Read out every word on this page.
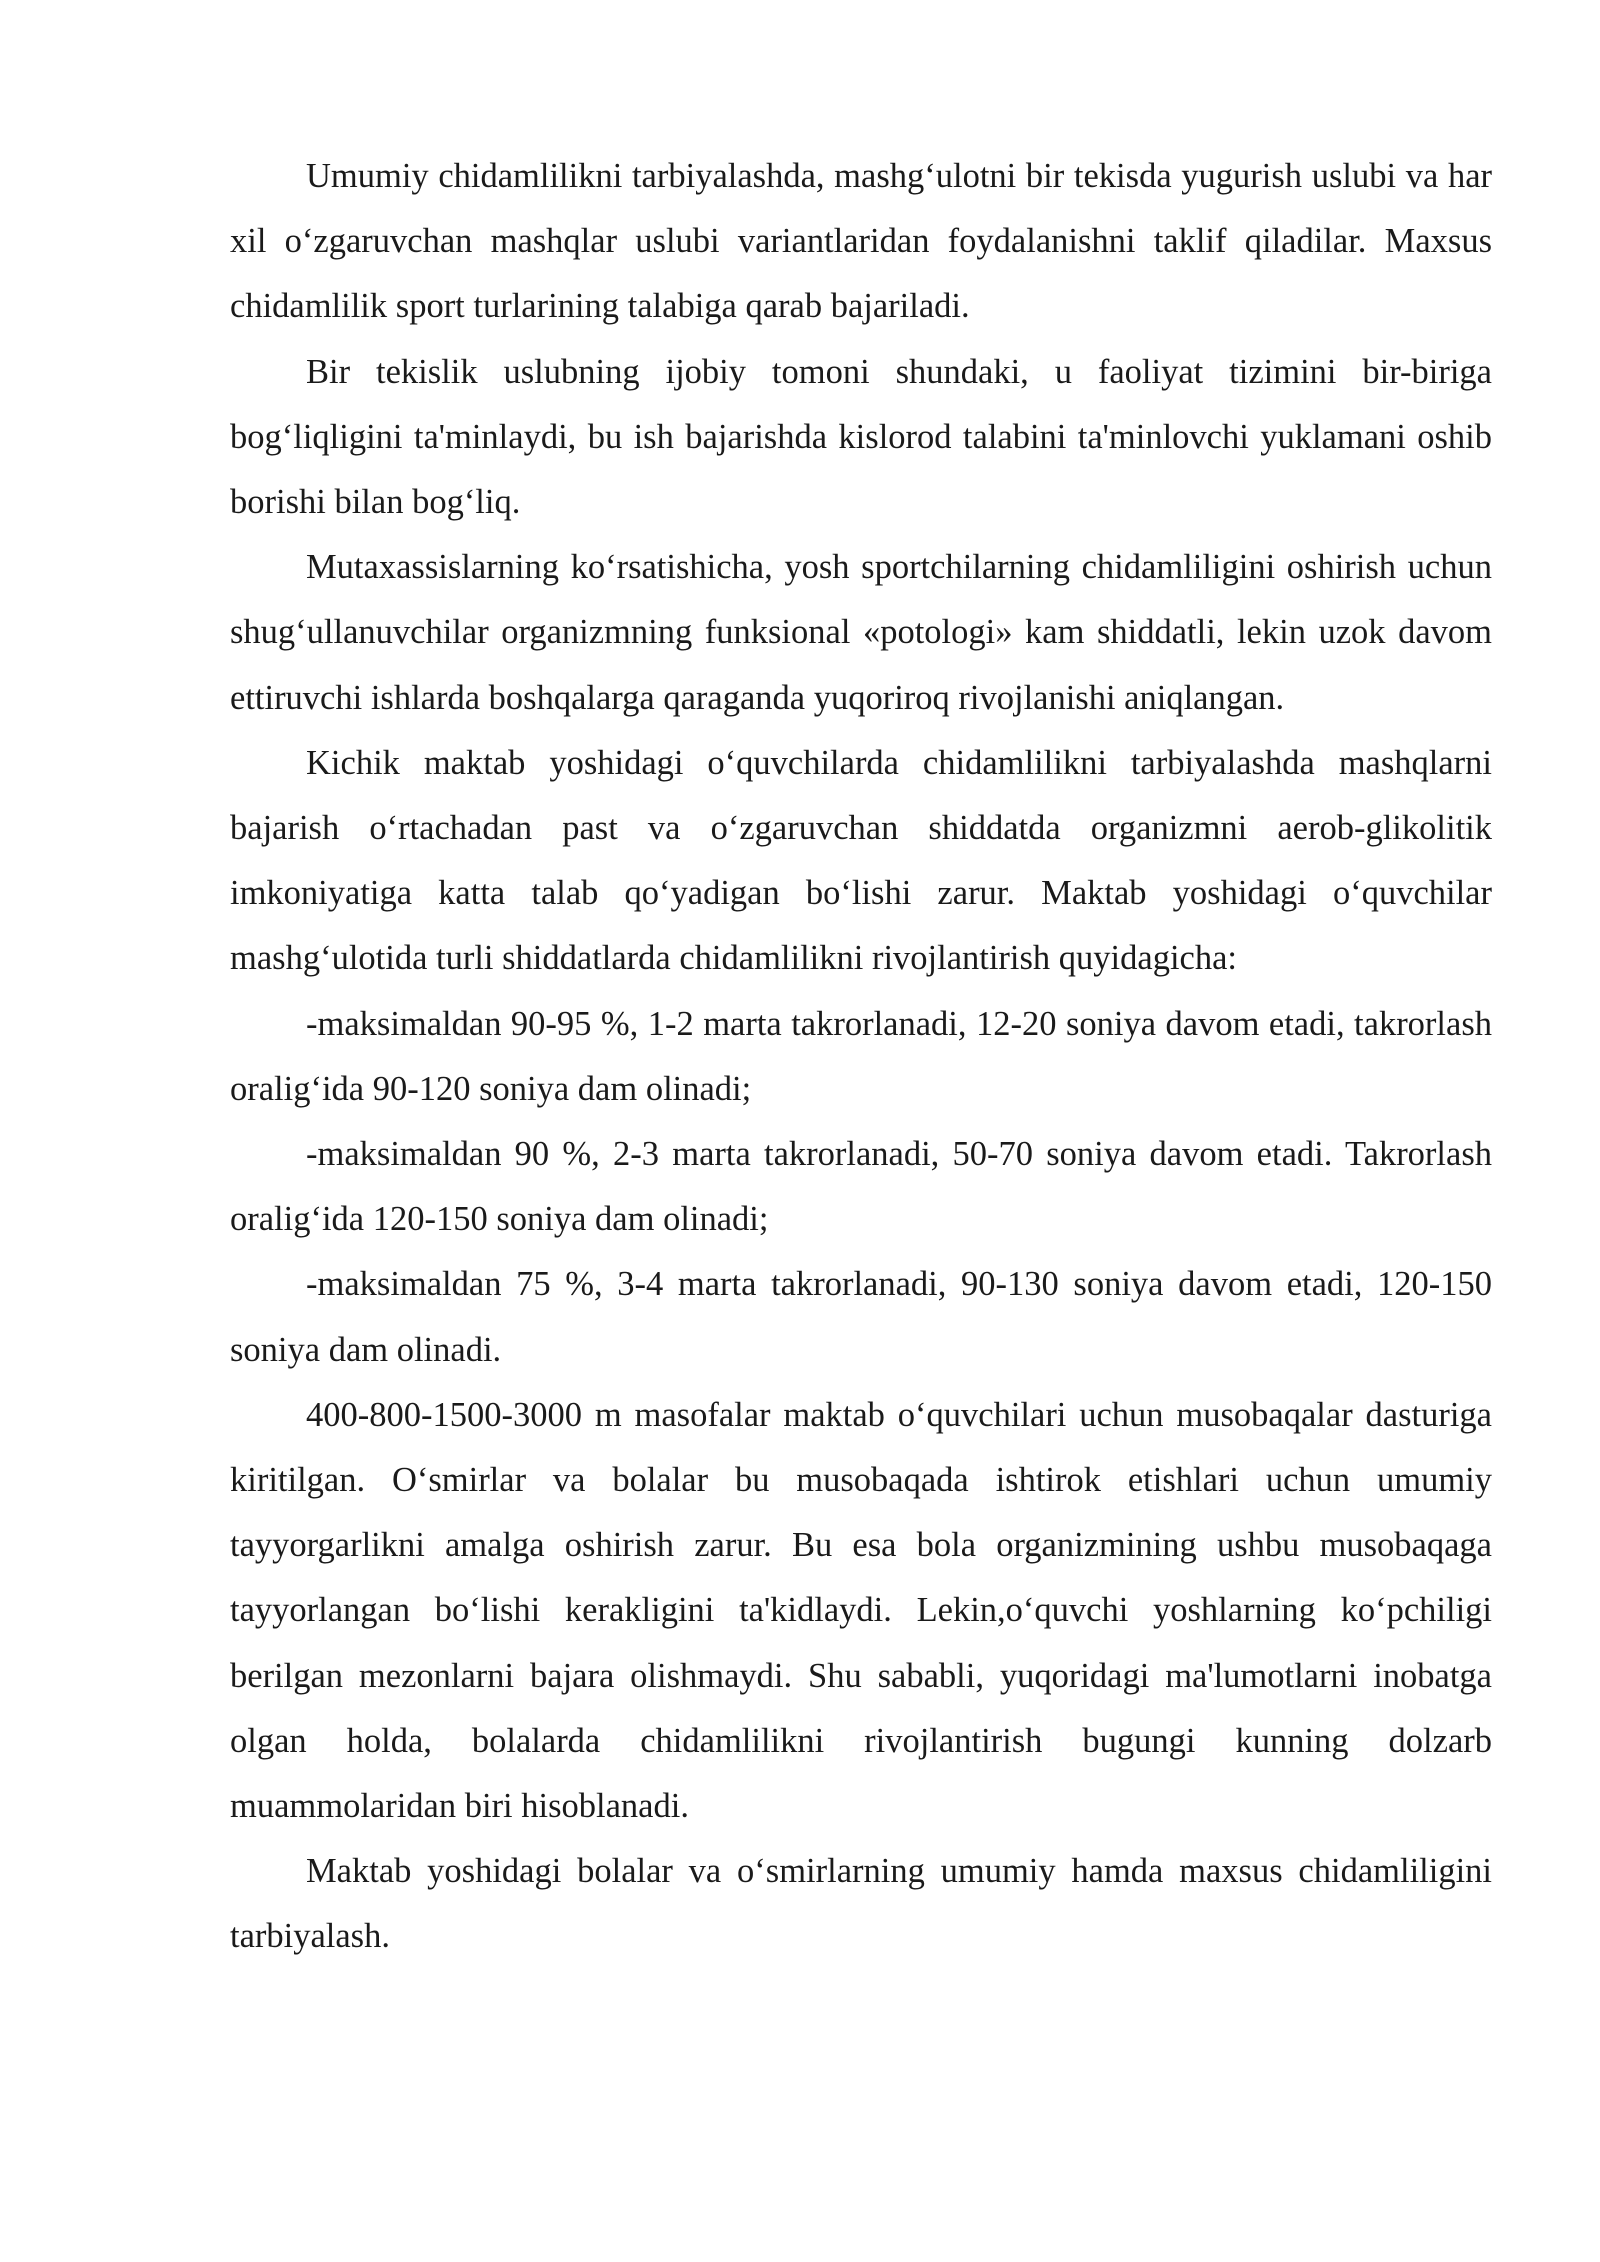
Umumiy chidamlilikni tarbiyalashda, mashg‘ulotni bir tekisda yugurish uslubi va har xil o‘zgaruvchan mashqlar uslubi variantlaridan foydalanishni taklif qiladilar. Maxsus chidamlilik sport turlarining talabiga qarab bajariladi.

Bir tekislik uslubning ijobiy tomoni shundaki, u faoliyat tizimini bir-biriga bog‘liqligini ta'minlaydi, bu ish bajarishda kislorod talabini ta'minlovchi yuklamani oshib borishi bilan bog‘liq.

Mutaxassislarning ko‘rsatishicha, yosh sportchilarning chidamliligini oshirish uchun shug‘ullanuvchilar organizmning funksional «potologi» kam shiddatli, lekin uzok davom ettiruvchi ishlarda boshqalarga qaraganda yuqoriroq rivojlanishi aniqlangan.

Kichik maktab yoshidagi o‘quvchilarda chidamlilikni tarbiyalashda mashqlarni bajarish o‘rtachadan past va o‘zgaruvchan shiddatda organizmni aerob-glikolitik imkoniyatiga katta talab qo‘yadigan bo‘lishi zarur. Maktab yoshidagi o‘quvchilar mashg‘ulotida turli shiddatlarda chidamlilikni rivojlantirish quyidagicha:

-maksimaldan 90-95 %, 1-2 marta takrorlanadi, 12-20 soniya davom etadi, takrorlash oralig‘ida 90-120 soniya dam olinadi;

-maksimaldan 90 %, 2-3 marta takrorlanadi, 50-70 soniya davom etadi. Takrorlash oralig‘ida 120-150 soniya dam olinadi;

-maksimaldan 75 %, 3-4 marta takrorlanadi, 90-130 soniya davom etadi, 120-150 soniya dam olinadi.

400-800-1500-3000 m masofalar maktab o‘quvchilari uchun musobaqalar dasturiga kiritilgan. O‘smirlar va bolalar bu musobaqada ishtirok etishlari uchun umumiy tayyorgarlikni amalga oshirish zarur. Bu esa bola organizmining ushbu musobaqaga tayyorlangan bo‘lishi kerakligini ta'kidlaydi. Lekin,o‘quvchi yoshlarning ko‘pchiligi berilgan mezonlarni bajara olishmaydi. Shu sababli, yuqoridagi ma'lumotlarni inobatga olgan holda, bolalarda chidamlilikni rivojlantirish bugungi kunning dolzarb muammolaridan biri hisoblanadi.

Maktab yoshidagi bolalar va o‘smirlarning umumiy hamda maxsus chidamliligini tarbiyalash.
